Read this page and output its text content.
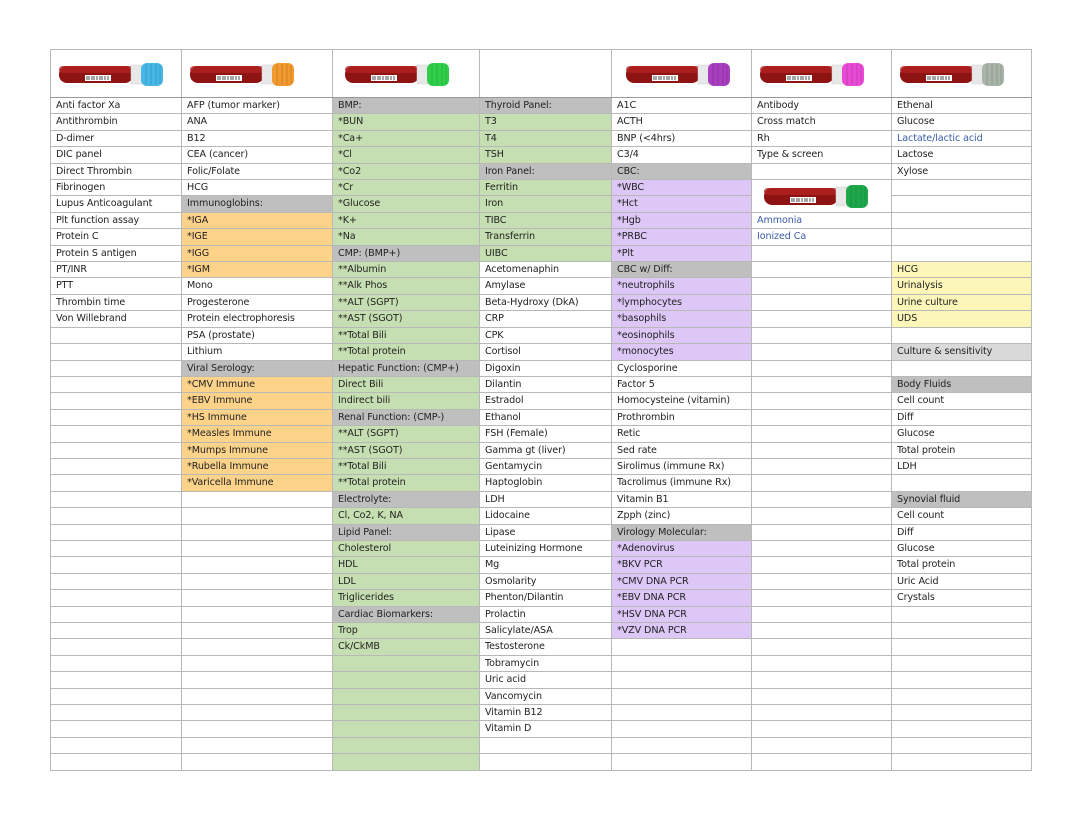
Anti factor Xa	AFP (tumor marker)	BMP:	Thyroid Panel:	A1C	Antibody	Ethenal
Antithrombin	ANA	*BUN	T3	ACTH	Cross match	Glucose
D-dimer	B12	*Ca+	T4	BNP (<4hrs)	Rh	Lactate/lactic acid
DIC panel	CEA (cancer)	*Cl	TSH	C3/4	Type & screen	Lactose
Direct Thrombin	Folic/Folate	*Co2	Iron Panel:	CBC:		Xylose
Fibrinogen	HCG	*Cr	Ferritin	*WBC	

Lupus Anticoagulant	Immunoglobins:	*Glucose	Iron	*Hct		
Plt function assay	*IGA	*K+	TIBC	*Hgb	Ammonia	
Protein C	*IGE	*Na	Transferrin	*PRBC	Ionized Ca	
Protein S antigen	*IGG	CMP: (BMP+)	UIBC	*Plt		
PT/INR	*IGM	**Albumin	Acetomenaphin	CBC w/ Diff:		HCG
PTT	Mono	**Alk Phos	Amylase	*neutrophils		Urinalysis
Thrombin time	Progesterone	**ALT (SGPT)	Beta-Hydroxy (DkA)	*lymphocytes		Urine culture
Von Willebrand	Protein electrophoresis	**AST (SGOT)	CRP	*basophils		UDS
	PSA (prostate)	**Total Bili	CPK	*eosinophils		
	Lithium	**Total protein	Cortisol	*monocytes		Culture & sensitivity
	Viral Serology:	Hepatic Function: (CMP+)	Digoxin	Cyclosporine		
	*CMV Immune	Direct Bili	Dilantin	Factor 5		Body Fluids
	*EBV Immune	Indirect bili	Estradol	Homocysteine (vitamin)		Cell count
	*HS Immune	Renal Function: (CMP-)	Ethanol	Prothrombin		Diff
	*Measles Immune	**ALT (SGPT)	FSH (Female)	Retic		Glucose
	*Mumps Immune	**AST (SGOT)	Gamma gt (liver)	Sed rate		Total protein
	*Rubella Immune	**Total Bili	Gentamycin	Sirolimus (immune Rx)		LDH
	*Varicella Immune	**Total protein	Haptoglobin	Tacrolimus (immune Rx)		
		Electrolyte:	LDH	Vitamin B1		Synovial fluid
		Cl, Co2, K, NA	Lidocaine	Zpph (zinc)		Cell count
		Lipid Panel:	Lipase	Virology Molecular:		Diff
		Cholesterol	Luteinizing Hormone	*Adenovirus		Glucose
		HDL	Mg	*BKV PCR		Total protein
		LDL	Osmolarity	*CMV DNA PCR		Uric Acid
		Triglicerides	Phenton/Dilantin	*EBV DNA PCR		Crystals
		Cardiac Biomarkers:	Prolactin	*HSV DNA PCR		
		Trop	Salicylate/ASA	*VZV DNA PCR		
		Ck/CkMB	Testosterone			
			Tobramycin			
			Uric acid			
			Vancomycin			
			Vitamin B12			
			Vitamin D			
